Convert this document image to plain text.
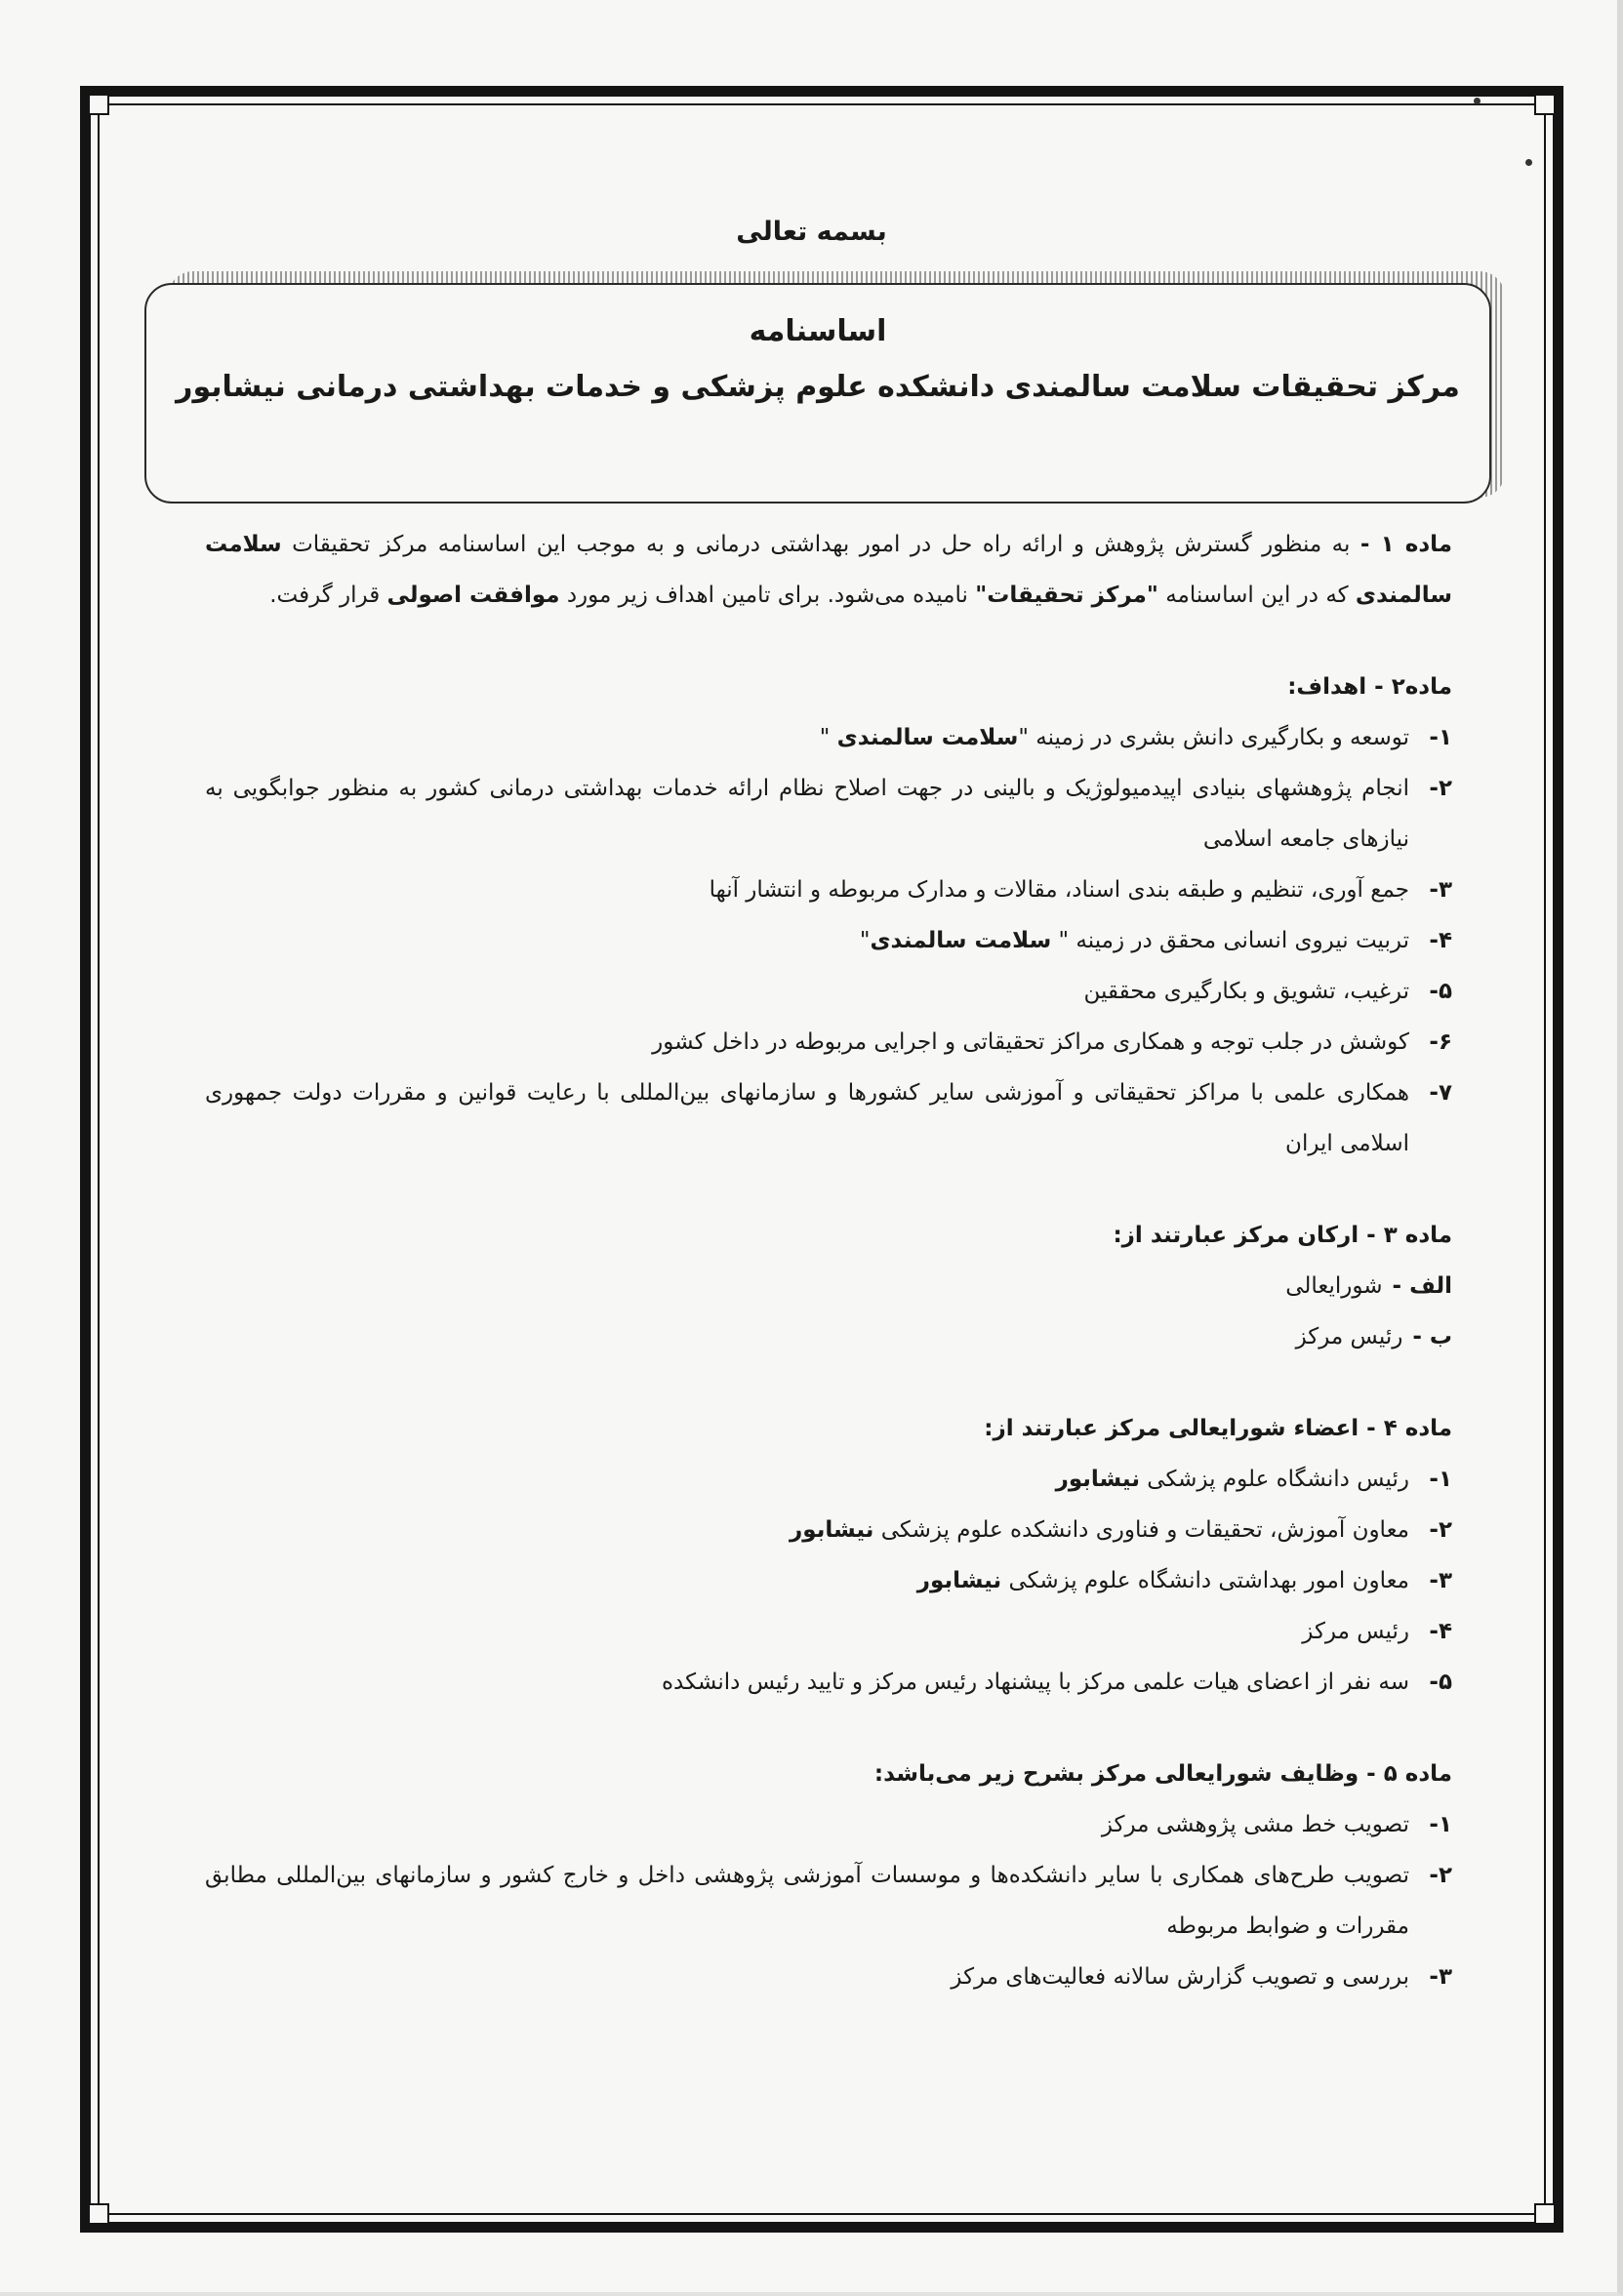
بسمه تعالی
اساسنامه
مرکز تحقیقات سلامت سالمندی دانشکده علوم پزشکی و خدمات بهداشتی درمانی نیشابور
ماده ۱ - به منظور گسترش پژوهش و ارائه راه حل در امور بهداشتی درمانی و به موجب این اساسنامه مرکز تحقیقات سلامت سالمندی که در این اساسنامه "مرکز تحقیقات" نامیده می‌شود. برای تامین اهداف زیر مورد موافقت اصولی قرار گرفت.
ماده۲ - اهداف:
۱-
توسعه و بکارگیری دانش بشری در زمینه "سلامت سالمندی "
۲-
انجام پژوهشهای بنیادی اپیدمیولوژیک و بالینی در جهت اصلاح نظام ارائه خدمات بهداشتی درمانی کشور به منظور جوابگویی به نیازهای جامعه اسلامی
۳-
جمع آوری، تنظیم و طبقه بندی اسناد، مقالات و مدارک مربوطه و انتشار آنها
۴-
تربیت نیروی انسانی محقق در زمینه " سلامت سالمندی"
۵-
ترغیب، تشویق و بکارگیری محققین
۶-
کوشش در جلب توجه و همکاری مراکز تحقیقاتی و اجرایی مربوطه در داخل کشور
۷-
همکاری علمی با مراکز تحقیقاتی و آموزشی سایر کشورها و سازمانهای بین‌المللی با رعایت قوانین و مقررات دولت جمهوری اسلامی ایران
ماده ۳ - ارکان مرکز عبارتند از:
الف -شورایعالی
ب -رئیس مرکز
ماده ۴ - اعضاء شورایعالی مرکز عبارتند از:
۱-
رئیس دانشگاه علوم پزشکی نیشابور
۲-
معاون آموزش، تحقیقات و فناوری دانشکده علوم پزشکی نیشابور
۳-
معاون امور بهداشتی دانشگاه علوم پزشکی نیشابور
۴-
رئیس مرکز
۵-
سه نفر از اعضای هیات علمی مرکز با پیشنهاد رئیس مرکز و تایید رئیس دانشکده
ماده ۵ - وظایف شورایعالی مرکز بشرح زیر می‌باشد:
۱-
تصویب خط مشی پژوهشی مرکز
۲-
تصویب طرح‌های همکاری با سایر دانشکده‌ها و موسسات آموزشی پژوهشی داخل و خارج کشور و سازمانهای بین‌المللی مطابق مقررات و ضوابط مربوطه
۳-
بررسی و تصویب گزارش سالانه فعالیت‌های مرکز
